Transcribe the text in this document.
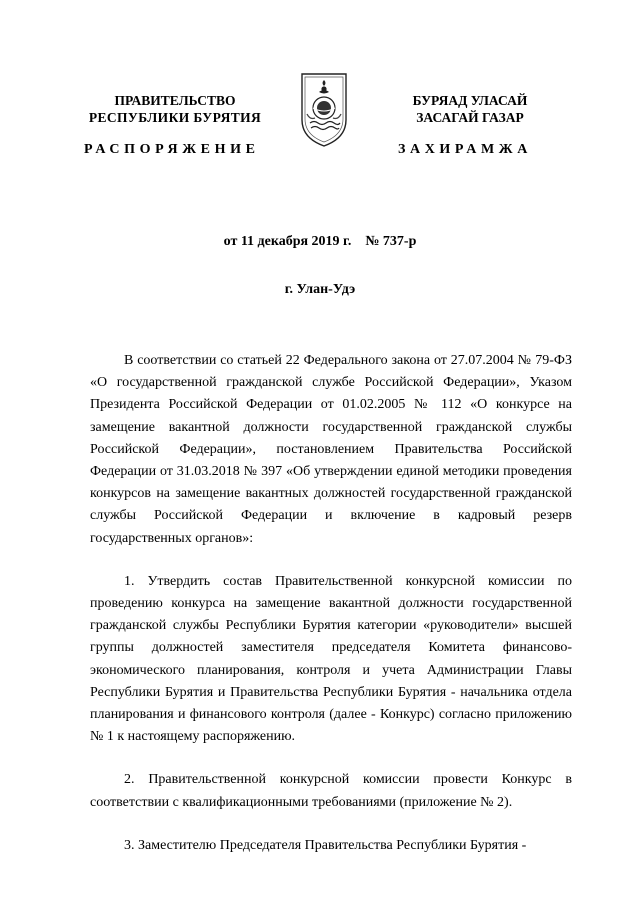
ПРАВИТЕЛЬСТВО
РЕСПУБЛИКИ БУРЯТИЯ
БУРЯАД УЛАСАЙ
ЗАСАГАЙ ГАЗАР
РАСПОРЯЖЕНИЕ	ЗАХИРАМЖА
от 11 декабря 2019 г.    № 737-р
г. Улан-Удэ

В соответствии со статьей 22 Федерального закона от 27.07.2004 № 79-ФЗ «О государственной гражданской службе Российской Федерации», Указом Президента Российской Федерации от 01.02.2005 № 112 «О конкурсе на замещение вакантной должности государственной гражданской службы Российской Федерации», постановлением Правительства Российской Федерации от 31.03.2018 № 397 «Об утверждении единой методики проведения конкурсов на замещение вакантных должностей государственной гражданской службы Российской Федерации и включение в кадровый резерв государственных органов»:

1. Утвердить состав Правительственной конкурсной комиссии по проведению конкурса на замещение вакантной должности государственной гражданской службы Республики Бурятия категории «руководители» высшей группы должностей заместителя председателя Комитета финансово-экономического планирования, контроля и учета Администрации Главы Республики Бурятия и Правительства Республики Бурятия - начальника отдела планирования и финансового контроля (далее - Конкурс) согласно приложению № 1 к настоящему распоряжению.

2. Правительственной конкурсной комиссии провести Конкурс в соответствии с квалификационными требованиями (приложение № 2).

3. Заместителю Председателя Правительства Республики Бурятия -
